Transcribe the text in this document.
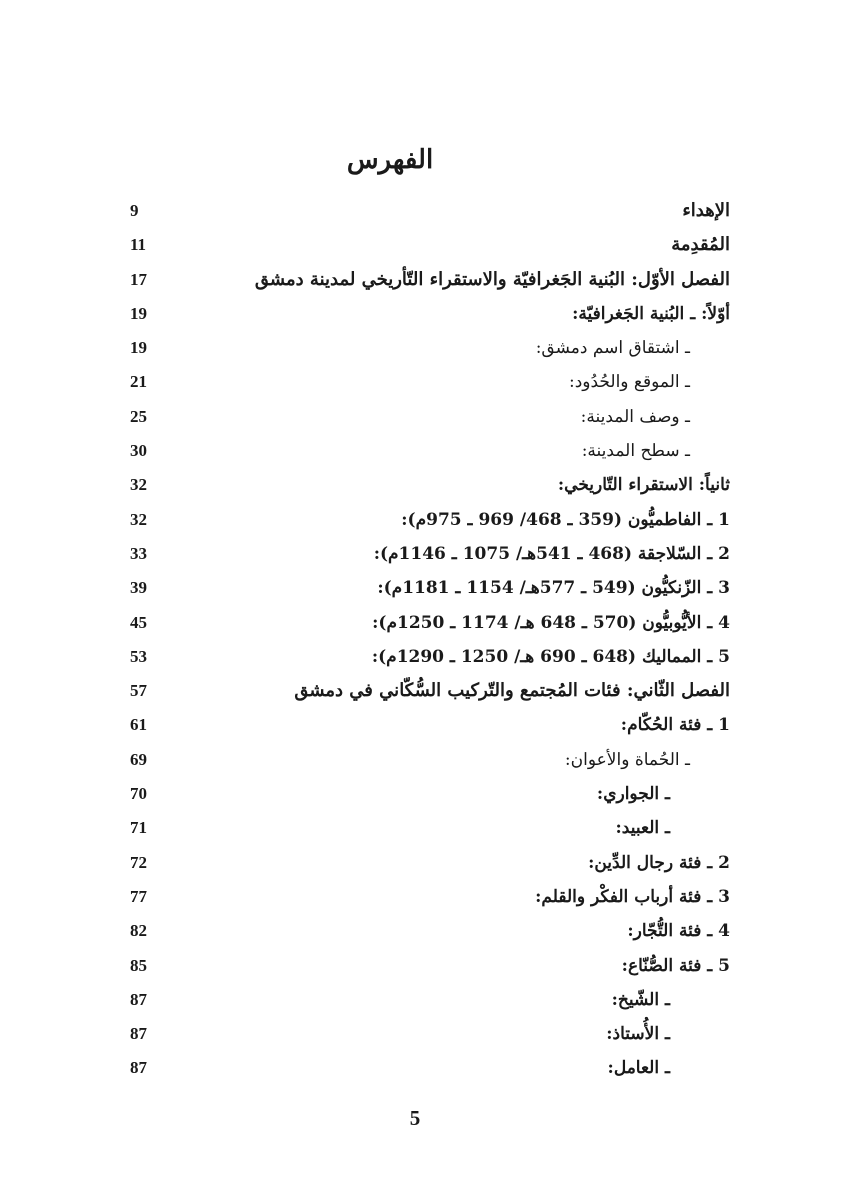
الفهرس
الإهداء
9
المُقدِمة
11
الفصل الأوّل: البُنية الجَغرافيّة والاستقراء التّأريخي لمدينة دمشق
17
أوّلاً: ـ البُنية الجَغرافيّة:
19
ـ اشتقاق اسم دمشق:
19
ـ الموقع والحُدُود:
21
ـ وصف المدينة:
25
ـ سطح المدينة:
30
ثانياً: الاستقراء التّاريخي:
32
1 ـ الفاطميُّون (359 ـ 468/ 969 ـ 975م):
32
2 ـ السّلاجقة (468 ـ 541هـ/ 1075 ـ 1146م):
33
3 ـ الزّنكيُّون (549 ـ 577هـ/ 1154 ـ 1181م):
39
4 ـ الأيُّوبيُّون (570 ـ 648 هـ/ 1174 ـ 1250م):
45
5 ـ المماليك (648 ـ 690 هـ/ 1250 ـ 1290م):
53
الفصل الثّاني: فئات المُجتمع والتّركيب السُّكّاني في دمشق
57
1 ـ فئة الحُكّام:
61
ـ الحُماة والأعوان:
69
ـ الجواري:
70
ـ العبيد:
71
2 ـ فئة رجال الدِّين:
72
3 ـ فئة أرباب الفكْر والقلم:
77
4 ـ فئة التُّجّار:
82
5 ـ فئة الصُّنّاع:
85
ـ الشّيخ:
87
ـ الأُستاذ:
87
ـ العامل:
87
5
